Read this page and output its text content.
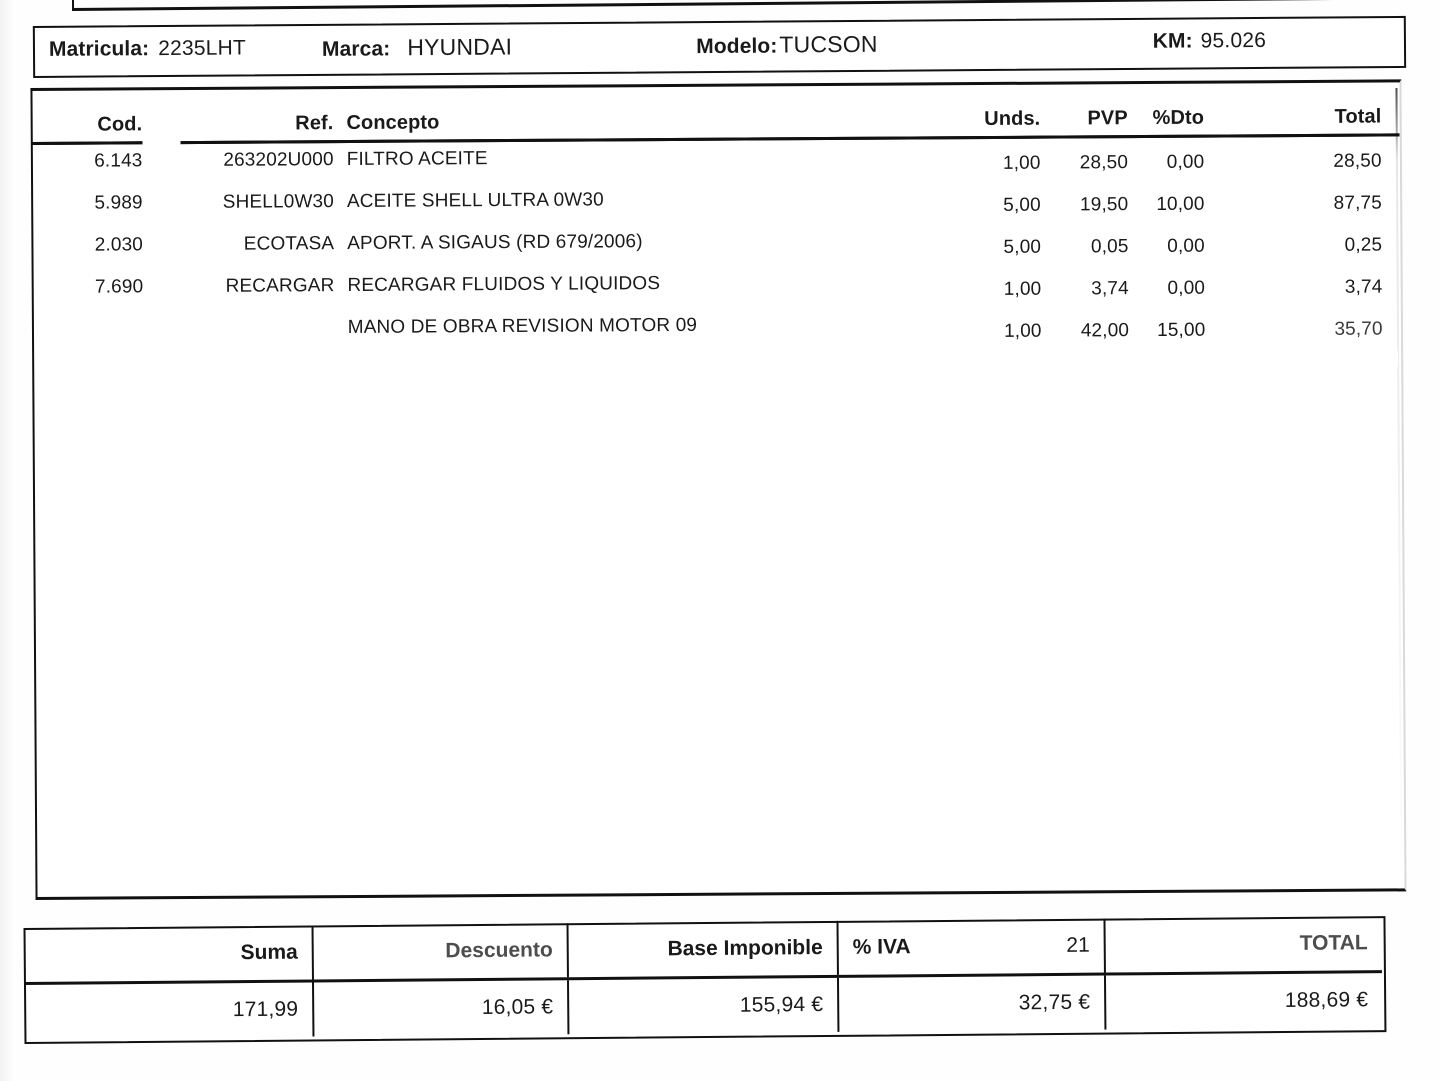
Matricula: 2235LHT	Marca: HYUNDAI	Modelo: TUCSON	KM: 95.026
Cod.		Ref.	Concepto	Unds.	PVP	%Dto	Total
6.143		263202U000	FILTRO ACEITE	1,00	28,50	0,00	28,50
5.989		SHELL0W30	ACEITE SHELL ULTRA 0W30	5,00	19,50	10,00	87,75
2.030		ECOTASA	APORT. A SIGAUS (RD 679/2006)	5,00	0,05	0,00	0,25
7.690		RECARGAR	RECARGAR FLUIDOS Y LIQUIDOS	1,00	3,74	0,00	3,74
			MANO DE OBRA REVISION MOTOR 09	1,00	42,00	15,00	35,70
Suma	Descuento	Base Imponible	% IVA 21	TOTAL
171,99	16,05 €	155,94 €	32,75 €	188,69 €
